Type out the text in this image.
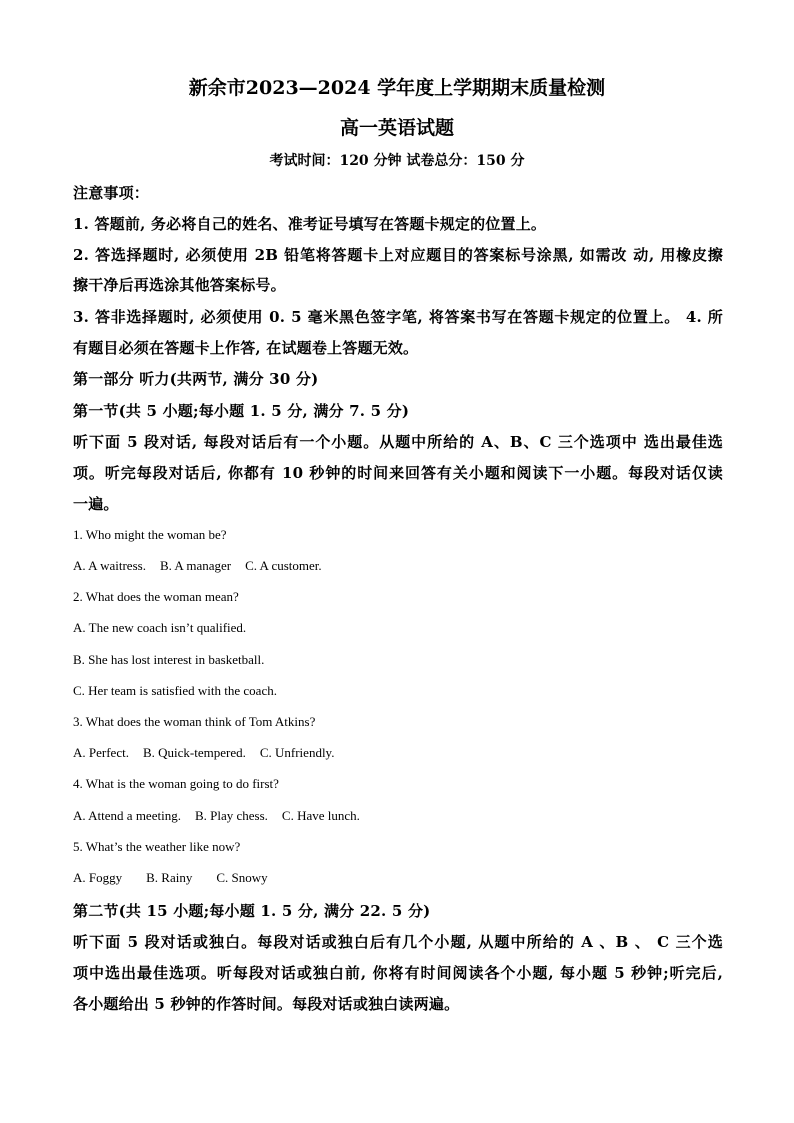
新余市2023—2024 学年度上学期期末质量检测
高一英语试题
考试时间：120 分钟 试卷总分：150 分
注意事项：
1. 答题前, 务必将自己的姓名、准考证号填写在答题卡规定的位置上。
2. 答选择题时, 必须使用 2B 铅笔将答题卡上对应题目的答案标号涂黑, 如需改 动, 用橡皮擦
擦干净后再选涂其他答案标号。
3. 答非选择题时, 必须使用 0. 5 毫米黑色签字笔, 将答案书写在答题卡规定的位置上。 4. 所
有题目必须在答题卡上作答, 在试题卷上答题无效。
第一部分 听力(共两节, 满分 30 分)
第一节(共 5 小题;每小题 1. 5 分, 满分 7. 5 分)
听下面 5 段对话, 每段对话后有一个小题。从题中所给的 A、B、C 三个选项中 选出最佳选
项。听完每段对话后, 你都有 10 秒钟的时间来回答有关小题和阅读下一小题。每段对话仅读
一遍。
1. Who might the woman be?
A. A waitress. B. A manager C. A customer.
2. What does the woman mean?
A. The new coach isn’t qualified.
B. She has lost interest in basketball.
C. Her team is satisfied with the coach.
3. What does the woman think of Tom Atkins?
A. Perfect. B. Quick-tempered. C. Unfriendly.
4. What is the woman going to do first?
A. Attend a meeting. B. Play chess. C. Have lunch.
5. What’s the weather like now?
A. Foggy B. Rainy C. Snowy
第二节(共 15 小题;每小题 1. 5 分, 满分 22. 5 分)
听下面 5 段对话或独白。每段对话或独白后有几个小题, 从题中所给的 A 、B 、 C 三个选
项中选出最佳选项。听每段对话或独白前, 你将有时间阅读各个小题, 每小题 5 秒钟;听完后,
各小题给出 5 秒钟的作答时间。每段对话或独白读两遍。
